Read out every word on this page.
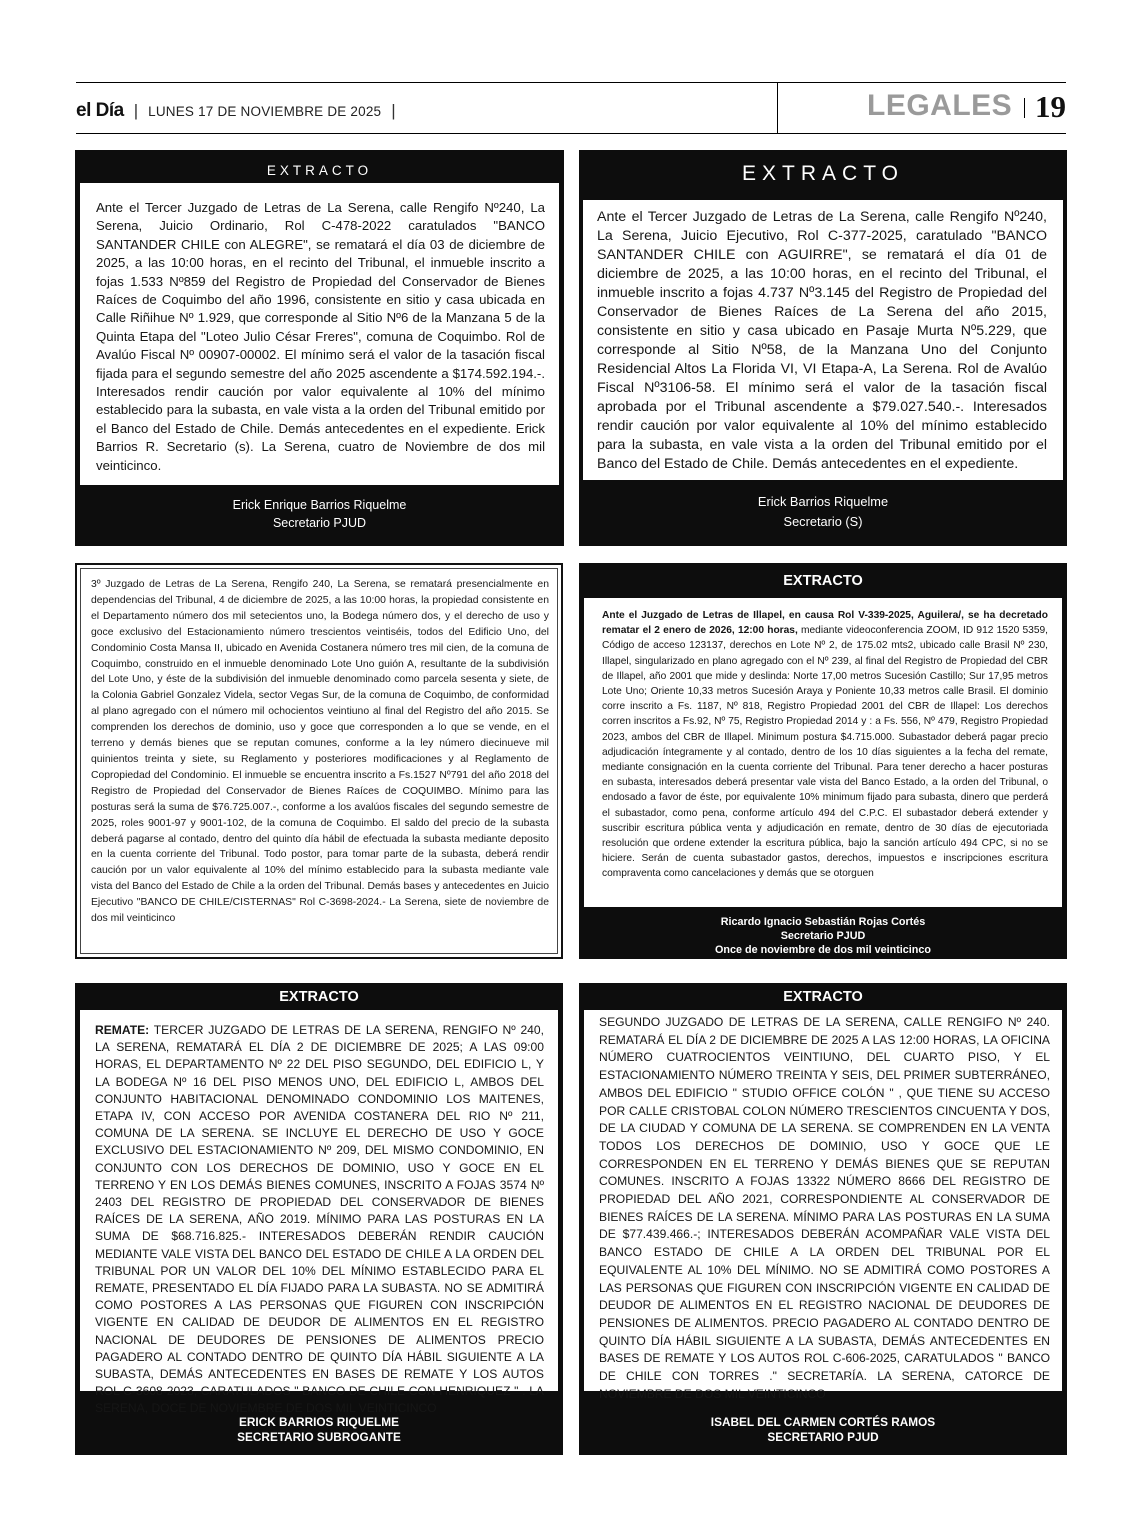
el Día | LUNES 17 DE NOVIEMBRE DE 2025 |	LEGALES 19
EXTRACTO
Ante el Tercer Juzgado de Letras de La Serena, calle Rengifo Nº240, La Serena, Juicio Ordinario, Rol C-478-2022 caratulados "BANCO SANTANDER CHILE con ALEGRE", se rematará el día 03 de diciembre de 2025, a las 10:00 horas, en el recinto del Tribunal, el inmueble inscrito a fojas 1.533 Nº859 del Registro de Propiedad del Conservador de Bienes Raíces de Coquimbo del año 1996, consistente en sitio y casa ubicada en Calle Riñihue Nº 1.929, que corresponde al Sitio Nº6 de la Manzana 5 de la Quinta Etapa del "Loteo Julio César Freres", comuna de Coquimbo. Rol de Avalúo Fiscal Nº 00907-00002. El mínimo será el valor de la tasación fiscal fijada para el segundo semestre del año 2025 ascendente a $174.592.194.-. Interesados rendir caución por valor equivalente al 10% del mínimo establecido para la subasta, en vale vista a la orden del Tribunal emitido por el Banco del Estado de Chile. Demás antecedentes en el expediente. Erick Barrios R. Secretario (s). La Serena, cuatro de Noviembre de dos mil veinticinco.
Erick Enrique Barrios Riquelme
Secretario PJUD
EXTRACTO
Ante el Tercer Juzgado de Letras de La Serena, calle Rengifo Nº240, La Serena, Juicio Ejecutivo, Rol C-377-2025, caratulado "BANCO SANTANDER CHILE con AGUIRRE", se rematará el día 01 de diciembre de 2025, a las 10:00 horas, en el recinto del Tribunal, el inmueble inscrito a fojas 4.737 Nº3.145 del Registro de Propiedad del Conservador de Bienes Raíces de La Serena del año 2015, consistente en sitio y casa ubicado en Pasaje Murta Nº5.229, que corresponde al Sitio Nº58, de la Manzana Uno del Conjunto Residencial Altos La Florida VI, VI Etapa-A, La Serena. Rol de Avalúo Fiscal Nº3106-58. El mínimo será el valor de la tasación fiscal aprobada por el Tribunal ascendente a $79.027.540.-. Interesados rendir caución por valor equivalente al 10% del mínimo establecido para la subasta, en vale vista a la orden del Tribunal emitido por el Banco del Estado de Chile. Demás antecedentes en el expediente.
Erick Barrios Riquelme
Secretario (S)
3º Juzgado de Letras de La Serena, Rengifo 240, La Serena, se rematará presencialmente en dependencias del Tribunal, 4 de diciembre de 2025, a las 10:00 horas, la propiedad consistente en el Departamento número dos mil setecientos uno, la Bodega número dos, y el derecho de uso y goce exclusivo del Estacionamiento número trescientos veintiséis, todos del Edificio Uno, del Condominio Costa Mansa II, ubicado en Avenida Costanera número tres mil cien, de la comuna de Coquimbo, construido en el inmueble denominado Lote Uno guión A, resultante de la subdivisión del Lote Uno, y éste de la subdivisión del inmueble denominado como parcela sesenta y siete, de la Colonia Gabriel Gonzalez Videla, sector Vegas Sur, de la comuna de Coquimbo, de conformidad al plano agregado con el número mil ochocientos veintiuno al final del Registro del año 2015. Se comprenden los derechos de dominio, uso y goce que corresponden a lo que se vende, en el terreno y demás bienes que se reputan comunes, conforme a la ley número diecinueve mil quinientos treinta y siete, su Reglamento y posteriores modificaciones y al Reglamento de Copropiedad del Condominio. El inmueble se encuentra inscrito a Fs.1527 Nº791 del año 2018 del Registro de Propiedad del Conservador de Bienes Raíces de COQUIMBO. Mínimo para las posturas será la suma de $76.725.007.-, conforme a los avalúos fiscales del segundo semestre de 2025, roles 9001-97 y 9001-102, de la comuna de Coquimbo. El saldo del precio de la subasta deberá pagarse al contado, dentro del quinto día hábil de efectuada la subasta mediante deposito en la cuenta corriente del Tribunal. Todo postor, para tomar parte de la subasta, deberá rendir caución por un valor equivalente al 10% del mínimo establecido para la subasta mediante vale vista del Banco del Estado de Chile a la orden del Tribunal. Demás bases y antecedentes en Juicio Ejecutivo "BANCO DE CHILE/CISTERNAS" Rol C-3698-2024.- La Serena, siete de noviembre de dos mil veinticinco
EXTRACTO
Ante el Juzgado de Letras de Illapel, en causa Rol V-339-2025, Aguilera/, se ha decretado rematar el 2 enero de 2026, 12:00 horas, mediante videoconferencia ZOOM, ID 912 1520 5359, Código de acceso 123137, derechos en Lote Nº 2, de 175.02 mts2, ubicado calle Brasil Nº 230, Illapel, singularizado en plano agregado con el Nº 239, al final del Registro de Propiedad del CBR de Illapel, año 2001 que mide y deslinda: Norte 17,00 metros Sucesión Castillo; Sur 17,95 metros Lote Uno; Oriente 10,33 metros Sucesión Araya y Poniente 10,33 metros calle Brasil. El dominio corre inscrito a Fs. 1187, Nº 818, Registro Propiedad 2001 del CBR de Illapel: Los derechos corren inscritos a Fs.92, Nº 75, Registro Propiedad 2014 y : a Fs. 556, Nº 479, Registro Propiedad 2023, ambos del CBR de Illapel. Minimum postura $4.715.000. Subastador deberá pagar precio adjudicación íntegramente y al contado, dentro de los 10 días siguientes a la fecha del remate, mediante consignación en la cuenta corriente del Tribunal. Para tener derecho a hacer posturas en subasta, interesados deberá presentar vale vista del Banco Estado, a la orden del Tribunal, o endosado a favor de éste, por equivalente 10% minimum fijado para subasta, dinero que perderá el subastador, como pena, conforme artículo 494 del C.P.C. El subastador deberá extender y suscribir escritura pública venta y adjudicación en remate, dentro de 30 días de ejecutoriada resolución que ordene extender la escritura pública, bajo la sanción artículo 494 CPC, si no se hiciere. Serán de cuenta subastador gastos, derechos, impuestos e inscripciones escritura compraventa como cancelaciones y demás que se otorguen
Ricardo Ignacio Sebastián Rojas Cortés
Secretario PJUD
Once de noviembre de dos mil veinticinco
EXTRACTO
REMATE: TERCER JUZGADO DE LETRAS DE LA SERENA, RENGIFO Nº 240, LA SERENA, REMATARÁ EL DÍA 2 DE DICIEMBRE DE 2025; A LAS 09:00 HORAS, EL DEPARTAMENTO Nº 22 DEL PISO SEGUNDO, DEL EDIFICIO L, Y LA BODEGA Nº 16 DEL PISO MENOS UNO, DEL EDIFICIO L, AMBOS DEL CONJUNTO HABITACIONAL DENOMINADO CONDOMINIO LOS MAITENES, ETAPA IV, CON ACCESO POR AVENIDA COSTANERA DEL RIO Nº 211, COMUNA DE LA SERENA. SE INCLUYE EL DERECHO DE USO Y GOCE EXCLUSIVO DEL ESTACIONAMIENTO Nº 209, DEL MISMO CONDOMINIO, EN CONJUNTO CON LOS DERECHOS DE DOMINIO, USO Y GOCE EN EL TERRENO Y EN LOS DEMÁS BIENES COMUNES, INSCRITO A FOJAS 3574 Nº 2403 DEL REGISTRO DE PROPIEDAD DEL CONSERVADOR DE BIENES RAÍCES DE LA SERENA, AÑO 2019. MÍNIMO PARA LAS POSTURAS EN LA SUMA DE $68.716.825.- INTERESADOS DEBERÁN RENDIR CAUCIÓN MEDIANTE VALE VISTA DEL BANCO DEL ESTADO DE CHILE A LA ORDEN DEL TRIBUNAL POR UN VALOR DEL 10% DEL MÍNIMO ESTABLECIDO PARA EL REMATE, PRESENTADO EL DÍA FIJADO PARA LA SUBASTA. NO SE ADMITIRÁ COMO POSTORES A LAS PERSONAS QUE FIGUREN CON INSCRIPCIÓN VIGENTE EN CALIDAD DE DEUDOR DE ALIMENTOS EN EL REGISTRO NACIONAL DE DEUDORES DE PENSIONES DE ALIMENTOS PRECIO PAGADERO AL CONTADO DENTRO DE QUINTO DÍA HÁBIL SIGUIENTE A LA SUBASTA, DEMÁS ANTECEDENTES EN BASES DE REMATE Y LOS AUTOS ROL C-3608-2023, CARATULADOS " BANCO DE CHILE CON HENRIQUEZ " . LA SERENA, DOCE DE NOVIEMBRE DE DOS MIL VEINTICINCO
ERICK BARRIOS RIQUELME
SECRETARIO SUBROGANTE
EXTRACTO
SEGUNDO JUZGADO DE LETRAS DE LA SERENA, CALLE RENGIFO Nº 240. REMATARÁ EL DÍA 2 DE DICIEMBRE DE 2025 A LAS 12:00 HORAS, LA OFICINA NÚMERO CUATROCIENTOS VEINTIUNO, DEL CUARTO PISO, Y EL ESTACIONAMIENTO NÚMERO TREINTA Y SEIS, DEL PRIMER SUBTERRÁNEO, AMBOS DEL EDIFICIO " STUDIO OFFICE COLÓN " , QUE TIENE SU ACCESO POR CALLE CRISTOBAL COLON NÚMERO TRESCIENTOS CINCUENTA Y DOS, DE LA CIUDAD Y COMUNA DE LA SERENA. SE COMPRENDEN EN LA VENTA TODOS LOS DERECHOS DE DOMINIO, USO Y GOCE QUE LE CORRESPONDEN EN EL TERRENO Y DEMÁS BIENES QUE SE REPUTAN COMUNES. INSCRITO A FOJAS 13322 NÚMERO 8666 DEL REGISTRO DE PROPIEDAD DEL AÑO 2021, CORRESPONDIENTE AL CONSERVADOR DE BIENES RAÍCES DE LA SERENA. MÍNIMO PARA LAS POSTURAS EN LA SUMA DE $77.439.466.-; INTERESADOS DEBERÁN ACOMPAÑAR VALE VISTA DEL BANCO ESTADO DE CHILE A LA ORDEN DEL TRIBUNAL POR EL EQUIVALENTE AL 10% DEL MÍNIMO. NO SE ADMITIRÁ COMO POSTORES A LAS PERSONAS QUE FIGUREN CON INSCRIPCIÓN VIGENTE EN CALIDAD DE DEUDOR DE ALIMENTOS EN EL REGISTRO NACIONAL DE DEUDORES DE PENSIONES DE ALIMENTOS. PRECIO PAGADERO AL CONTADO DENTRO DE QUINTO DÍA HÁBIL SIGUIENTE A LA SUBASTA, DEMÁS ANTECEDENTES EN BASES DE REMATE Y LOS AUTOS ROL C-606-2025, CARATULADOS " BANCO DE CHILE CON TORRES ." SECRETARÍA. LA SERENA, CATORCE DE NOVIEMBRE DE DOS MIL VEINTICINCO
ISABEL DEL CARMEN CORTÉS RAMOS
SECRETARIO PJUD
